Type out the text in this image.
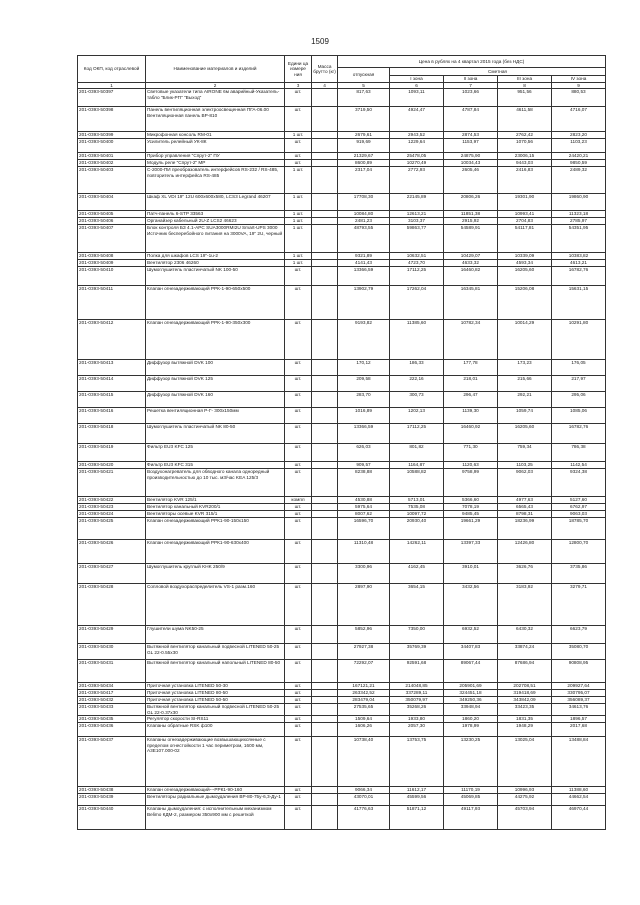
1509
Код ОКП, код отраслевой	Наименование материалов и изделий	Едини ца измере ния	Масса брутто (кг)	Цена в рублях на 4 квартал 2015 года (без НДС)				
				отпускная	Сметная			
					I зона	II зона	III зона	IV зона
1	2	3	4	5	6	7	8	9
201-0393-50397	Световые указатели типа AIRONE 6м аварийный-Указатель-табло "Блик-РП" "Выход"	шт.		817,63	1093,11	1023,66	951,56	880,53
201-0393-50398	Панель вентиляционная электроосвещенная ПГА-06.00 Вентиляционная панель ВР-810	шт.		3719,50	4924,47	4787,84	4611,58	4716,07
201-0393-50399	Микрофонная консоль RM-01	1 шт.		2679,61	2943,52	2874,53	2762,42	2823,20
201-0393-50400	Усилитель релейный УК-8К	шт.		919,69	1229,64	1153,97	1070,56	1103,23
201-0393-50401	Прибор управления "Спрут-2" ПУ	шт.		21329,67	25478,05	24875,90	23006,15	24420,21
201-0393-50402	Модуль реле "Спрут-2" МР	шт.		8600,89	10270,49	10034,43	9443,03	9850,59
201-0393-50403	С-2000-ПИ преобразователь интерфейсов RS-232 / RS-485, повторитель интерфейса RS-485	1 шт.		2317,04	2772,93	2605,46	2416,83	2489,32
201-0393-50404	Шкаф XL VDI 19" 12U 600x600x580, LCS3 Legrand 46207	1 шт.		17708,30	22145,89	20806,26	19301,90	19860,90
201-0393-50405	Патч-панель 6-STP 33563	1 шт.		10084,80	12613,21	11851,38	10993,41	11323,18
201-0393-50406	Органайзер кабельный 2U-Z LCS2 46623	1 шт.		2481,23	3103,37	2915,92	2704,83	2785,97
201-0393-50407	Блок контроля БЗ 4.1-APC SUA3000RMI2U Smart-UPS 3000 Источник бесперебойного питания на 3000VA, 19" 2U, черный	1 шт.		48793,55	59863,77	54589,91	54117,81	54351,95
201-0393-50408	Полка для шкафов LCS 19"-1u-2	1 шт.		9321,89	10632,51	10429,07	10339,09	10383,82
201-0393-50409	Вентилятор 2306 46260	1 шт.		4141,43	4723,70	4633,32	4593,34	4613,21
201-0393-50410	Шумоглушитель пластинчатый NK 100-50	шт.		13366,59	17112,25	16460,82	16205,60	16782,76
201-0393-50411	Клапан огнезадерживающий РРК-1-90-650х500	шт.		13902,79	17262,04	16345,81	15206,08	15631,15
201-0393-50412	Клапан огнезадерживающий РРК-1-90-350х300	шт.		9193,82	11385,60	10782,34	10014,29	10291,80
201-0393-50413	Диффузор вытяжной DVK 100	шт.		170,12	186,33	177,78	173,23	176,05
201-0393-50414	Диффузор вытяжной DVK 125	шт.		209,58	222,16	218,01	215,66	217,97
201-0393-50415	Диффузор вытяжной DVK 160	шт.		283,70	300,73	296,47	292,21	295,06
201-0393-50416	Решетка вентиляционная Р-Г- 300х150мм	шт.		1016,89	1202,13	1139,30	1059,74	1085,06
201-0393-50418	Шумоглушитель пластинчатый NK 80-50	шт.		13366,59	17112,25	16460,92	16205,60	16782,76
201-0393-50419	Фильтр EU3 KFC 125	шт.		626,03	801,82	771,30	759,34	786,38
201-0393-50420	Фильтр EU3 KFC 315	шт.		909,57	1164,87	1120,63	1103,25	1142,54
201-0393-50421	Воздухонагреватель для обводного канала одноредный производительностью до 10 тыс. м3/час KEA 125/3	шт.		8238,88	10588,82	9758,99	9062,03	9324,38
201-0393-50422	Вентилятор KVR 125/1	компл		4530,88	5713,01	5366,60	4977,63	5127,60
201-0393-50423	Вентилятор канальный KVR200/1	шт.		5975,64	7535,08	7078,19	6565,43	6762,97
201-0393-50424	Вентиляторы осевые KVR 315/1	шт.		8007,62	10097,72	9485,45	8798,31	9063,03
201-0393-50425	Клапан огнезадерживающий РРК1-90-150х150	шт.		16596,70	20930,40	19661,29	18236,99	18785,70
201-0393-50426	Клапан огнезадерживающий РРК1-90-630х400	шт.		11310,48	14262,11	13397,33	12426,80	12800,70
201-0393-50427	Шумоглушитель круглый KНK 250/9	шт.		3300,96	4162,45	3910,01	3626,76	3735,86
201-0393-50428	Сопловой воздухораспределитель VS-1 разм.160	шт.		2897,90	3654,15	3432,56	3183,92	3279,71
201-0393-50429	Глушители шума NK50-25	шт.		5852,96	7350,00	6932,52	6430,32	6623,79
201-0393-50430	Вытяжной вентилятор канальный подвесной LITENED 50-25 GL 22-0.55x30	шт.		27927,38	35769,39	34407,83	33874,24	35080,70
201-0393-50431	Вытяжной вентилятор канальный напольный LITENED 80-50	шт.		72292,07	92591,68	89067,44	87686,94	90808,95
201-0393-50434	Приточная установка LITENED 50-30	шт.		167121,21	214048,85	205901,69	202708,51	209927,64
201-0393-50417	Приточная установка LITENED 80-50	шт.		263342,52	337289,11	324451,18	319418,69	330795,07
201-0393-50432	Приточная установка LITENED 50-50	шт.		283479,04	350079,97	349250,36	343842,09	356089,37
201-0393-50433	Вытяжной вентилятор канальный подвесной LITENED 50-25 GL 22-0.37х30	шт.		27535,65	35268,26	33948,94	33423,35	34613,76
201-0393-50435	Регулятор скорости SI-RS11	шт.		1509,64	1933,80	1860,20	1831,35	1896,57
201-0393-50436	Клапаны обратные RSK ф100	шт.		1606,26	2057,30	1978,99	1948,29	2017,68
201-0393-50437	Клапаны огнезадерживающие возвышающихсянные с пределом огнестойкости 1 час периметром, 1600 мм, A3E107.000-02	шт.		10738,40	13753,75	13230,25	13025,04	13488,84
201-0393-50438	Клапан огнезадерживающий---РРК1-90-160	шт.		9066,34	11612,17	11170,19	10996,93	11388,60
201-0393-50439	Вентиляторы радиальные дымоудаления ВР-80-75у-6,3-Ду-1	шт.		43070,01	45599,56	45069,85	44275,92	44662,54
201-0393-50440	Клапаны дымоудаления: с исполнительным механизмом Belimo КДМ-2, размером 350х900 мм с решеткой	шт.		41776,63	51871,12	49117,93	45703,94	46970,44
